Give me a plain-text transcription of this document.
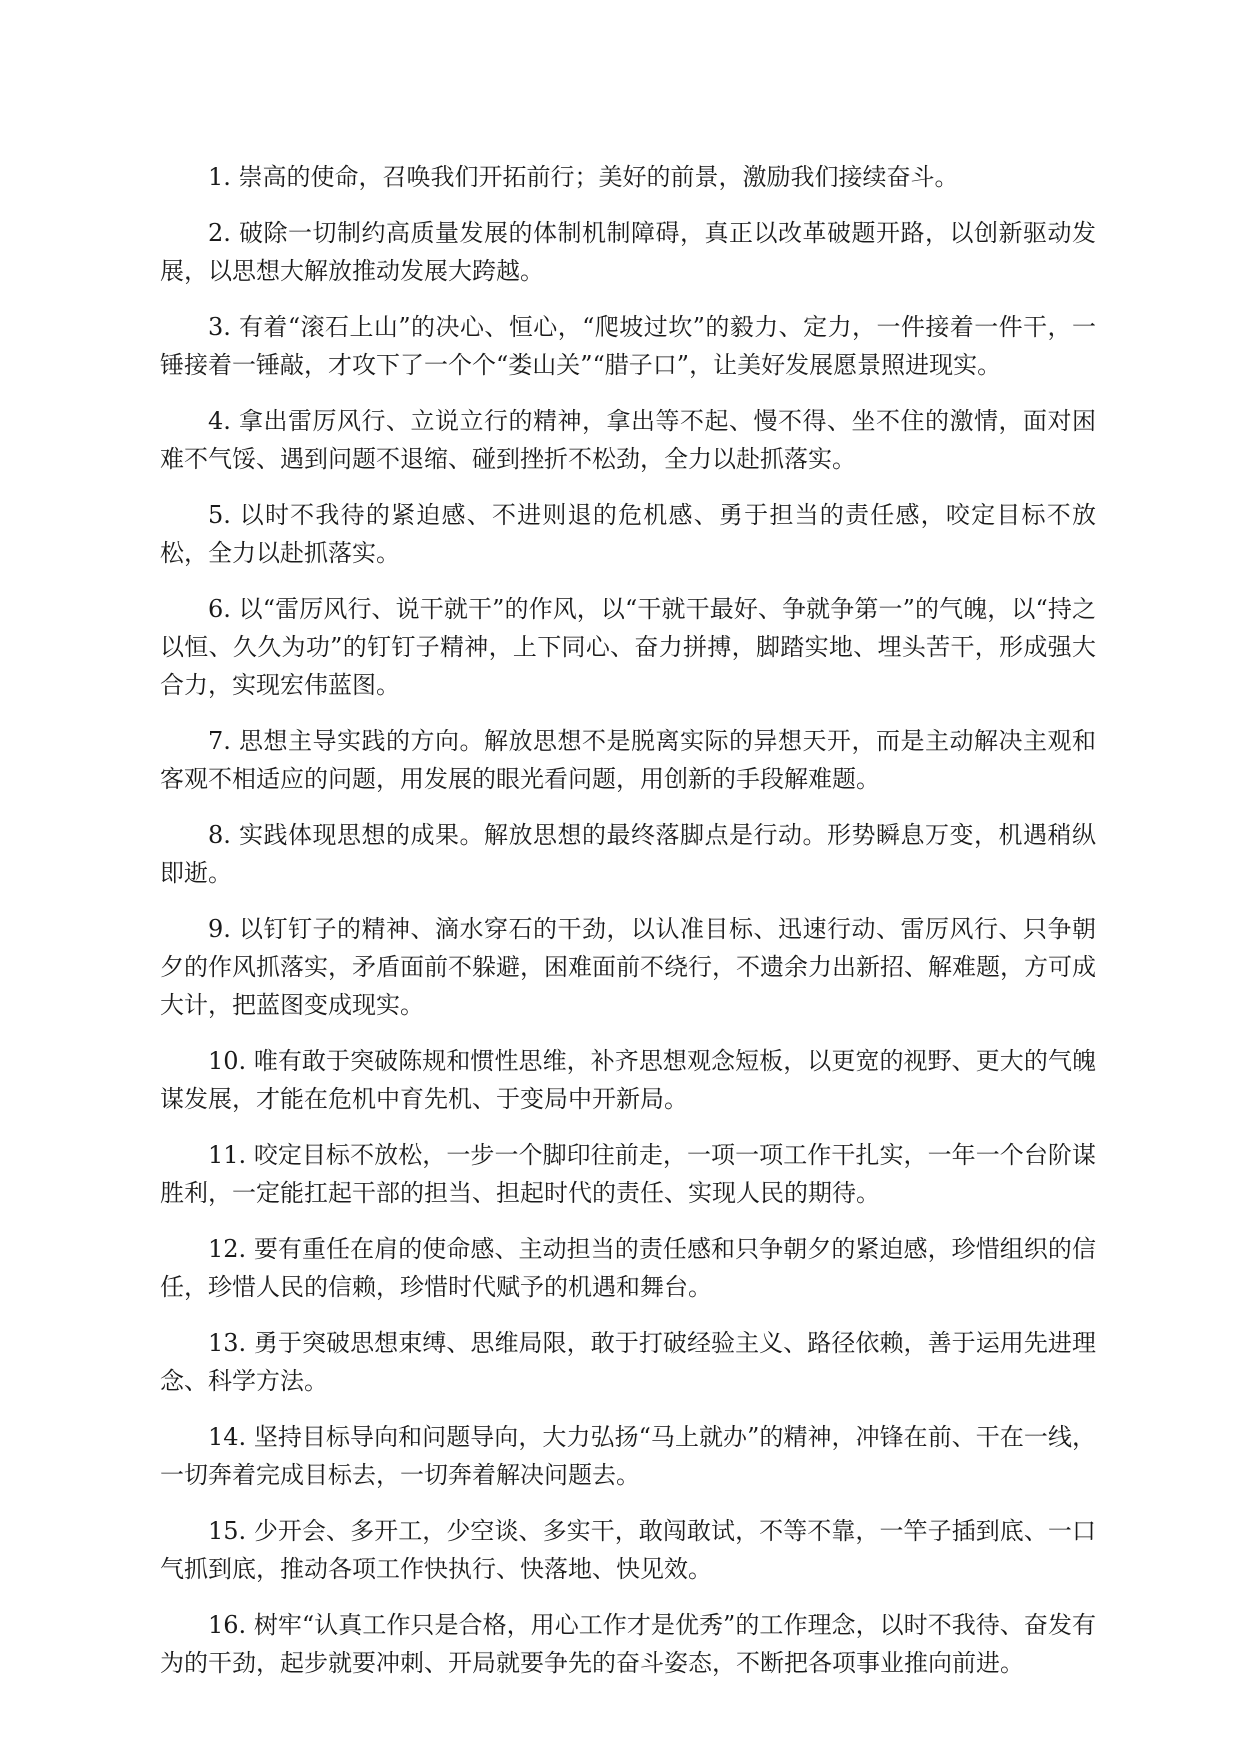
1. 崇高的使命，召唤我们开拓前行；美好的前景，激励我们接续奋斗。

2. 破除一切制约高质量发展的体制机制障碍，真正以改革破题开路，以创新驱动发展，以思想大解放推动发展大跨越。

3. 有着“滚石上山”的决心、恒心，“爬坡过坎”的毅力、定力，一件接着一件干，一锤接着一锤敲，才攻下了一个个“娄山关”“腊子口”，让美好发展愿景照进现实。

4. 拿出雷厉风行、立说立行的精神，拿出等不起、慢不得、坐不住的激情，面对困难不气馁、遇到问题不退缩、碰到挫折不松劲，全力以赴抓落实。

5. 以时不我待的紧迫感、不进则退的危机感、勇于担当的责任感，咬定目标不放松，全力以赴抓落实。

6. 以“雷厉风行、说干就干”的作风，以“干就干最好、争就争第一”的气魄，以“持之以恒、久久为功”的钉钉子精神，上下同心、奋力拼搏，脚踏实地、埋头苦干，形成强大合力，实现宏伟蓝图。

7. 思想主导实践的方向。解放思想不是脱离实际的异想天开，而是主动解决主观和客观不相适应的问题，用发展的眼光看问题，用创新的手段解难题。

8. 实践体现思想的成果。解放思想的最终落脚点是行动。形势瞬息万变，机遇稍纵即逝。

9. 以钉钉子的精神、滴水穿石的干劲，以认准目标、迅速行动、雷厉风行、只争朝夕的作风抓落实，矛盾面前不躲避，困难面前不绕行，不遗余力出新招、解难题，方可成大计，把蓝图变成现实。

10. 唯有敢于突破陈规和惯性思维，补齐思想观念短板，以更宽的视野、更大的气魄谋发展，才能在危机中育先机、于变局中开新局。

11. 咬定目标不放松，一步一个脚印往前走，一项一项工作干扎实，一年一个台阶谋胜利，一定能扛起干部的担当、担起时代的责任、实现人民的期待。

12. 要有重任在肩的使命感、主动担当的责任感和只争朝夕的紧迫感，珍惜组织的信任，珍惜人民的信赖，珍惜时代赋予的机遇和舞台。

13. 勇于突破思想束缚、思维局限，敢于打破经验主义、路径依赖，善于运用先进理念、科学方法。

14. 坚持目标导向和问题导向，大力弘扬“马上就办”的精神，冲锋在前、干在一线，一切奔着完成目标去，一切奔着解决问题去。

15. 少开会、多开工，少空谈、多实干，敢闯敢试，不等不靠，一竿子插到底、一口气抓到底，推动各项工作快执行、快落地、快见效。

16. 树牢“认真工作只是合格，用心工作才是优秀”的工作理念，以时不我待、奋发有为的干劲，起步就要冲刺、开局就要争先的奋斗姿态，不断把各项事业推向前进。
